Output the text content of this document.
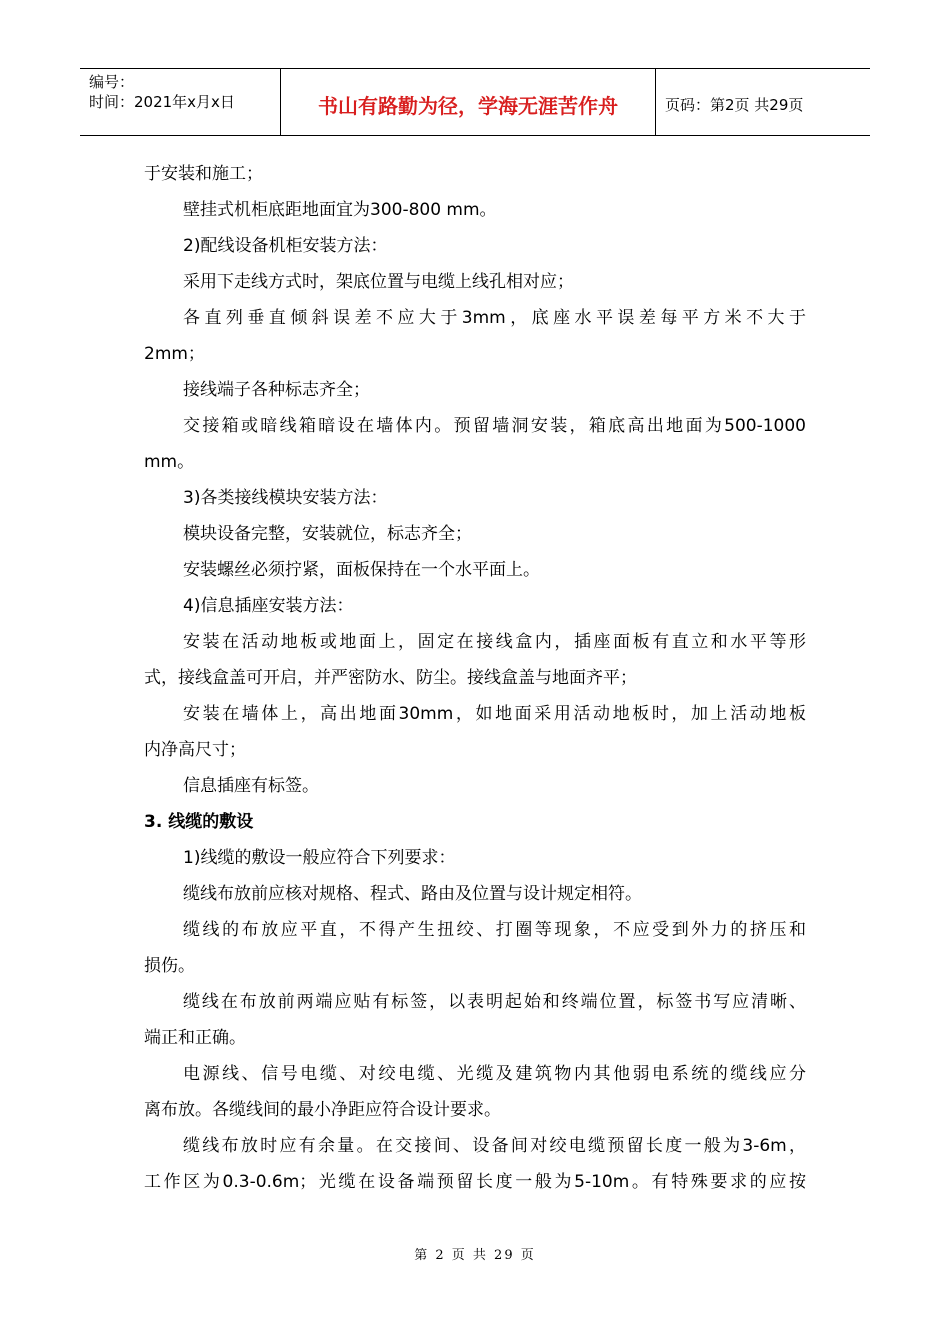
编号：
时间：2021年x月x日	书山有路勤为径，学海无涯苦作舟	页码：第2页 共29页
于安装和施工；
壁挂式机柜底距地面宜为300-800 mm。
2)配线设备机柜安装方法：
采用下走线方式时，架底位置与电缆上线孔相对应；
各直列垂直倾斜误差不应大于3mm，底座水平误差每平方米不大于
2mm；
接线端子各种标志齐全；
交接箱或暗线箱暗设在墙体内。预留墙洞安装，箱底高出地面为500-1000
mm。
3)各类接线模块安装方法：
模块设备完整，安装就位，标志齐全；
安装螺丝必须拧紧，面板保持在一个水平面上。
4)信息插座安装方法：
安装在活动地板或地面上，固定在接线盒内，插座面板有直立和水平等形
式，接线盒盖可开启，并严密防水、防尘。接线盒盖与地面齐平；
安装在墙体上，高出地面30mm，如地面采用活动地板时，加上活动地板
内净高尺寸；
信息插座有标签。
3. 线缆的敷设
1)线缆的敷设一般应符合下列要求：
缆线布放前应核对规格、程式、路由及位置与设计规定相符。
缆线的布放应平直，不得产生扭绞、打圈等现象，不应受到外力的挤压和
损伤。
缆线在布放前两端应贴有标签，以表明起始和终端位置，标签书写应清晰、
端正和正确。
电源线、信号电缆、对绞电缆、光缆及建筑物内其他弱电系统的缆线应分
离布放。各缆线间的最小净距应符合设计要求。
缆线布放时应有余量。在交接间、设备间对绞电缆预留长度一般为3-6m，
工作区为0.3-0.6m；光缆在设备端预留长度一般为5-10m。有特殊要求的应按
第 2 页 共 29 页
